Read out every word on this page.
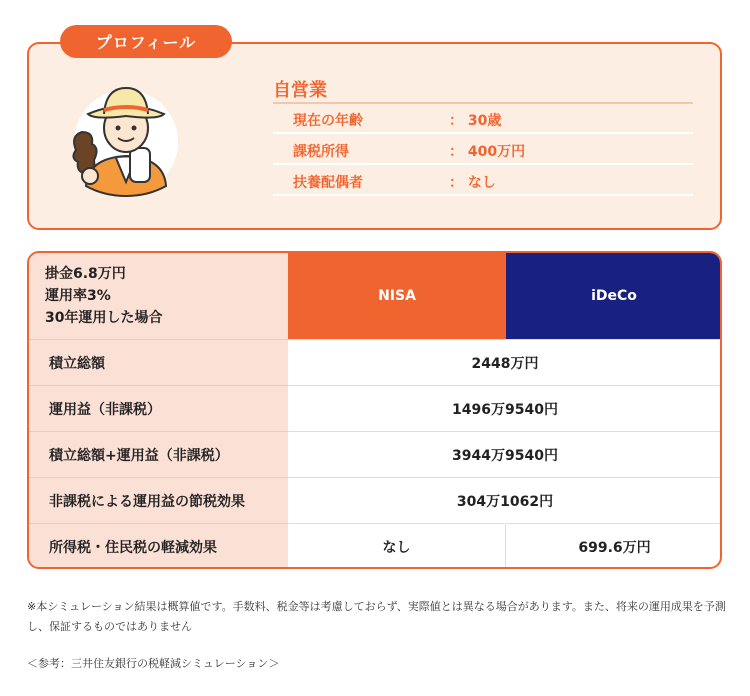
プロフィール
自営業
現在の年齢	： 30歳
課税所得	： 400万円
扶養配偶者	： なし
掛金6.8万円
運用率3%
30年運用した場合
NISA	iDeCo
積立総額	2448万円
運用益（非課税）	1496万9540円
積立総額+運用益（非課税）	3944万9540円
非課税による運用益の節税効果	304万1062円
所得税・住民税の軽減効果	なし	699.6万円
※本シミュレーション結果は概算値です。手数料、税金等は考慮しておらず、実際値とは異なる場合があります。また、将来の運用成果を予測し、保証するものではありません
＜参考：三井住友銀行の税軽減シミュレーション＞
